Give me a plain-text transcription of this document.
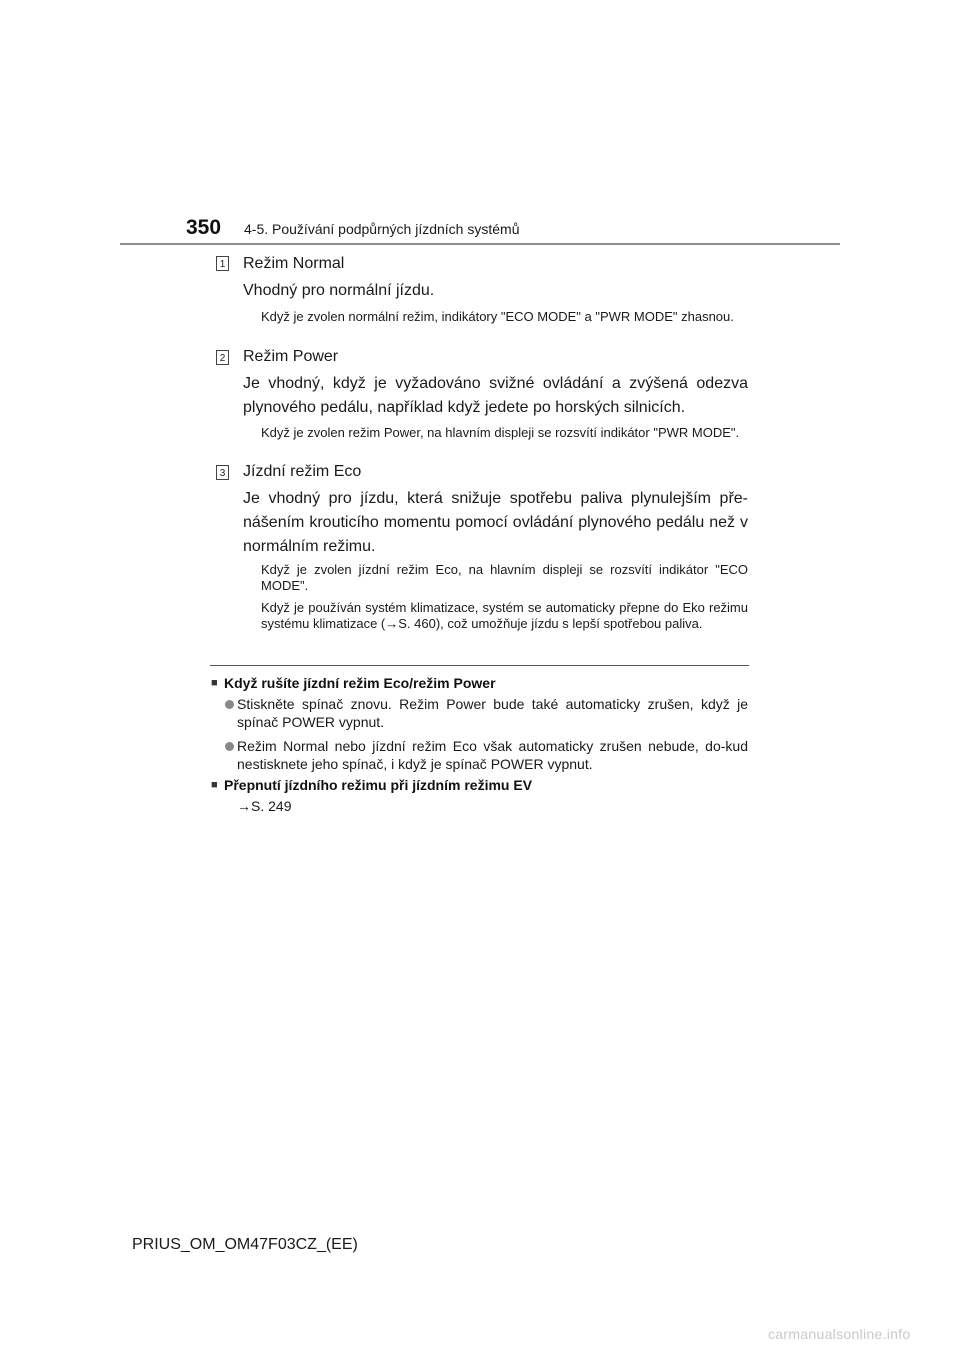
350 4-5. Používání podpůrných jízdních systémů
1 Režim Normal
Vhodný pro normální jízdu.
Když je zvolen normální režim, indikátory "ECO MODE" a "PWR MODE" zhasnou.
2 Režim Power
Je vhodný, když je vyžadováno svižné ovládání a zvýšená odezva plynového pedálu, například když jedete po horských silnicích.
Když je zvolen režim Power, na hlavním displeji se rozsvítí indikátor "PWR MODE".
3 Jízdní režim Eco
Je vhodný pro jízdu, která snižuje spotřebu paliva plynulejším pře-nášením krouticího momentu pomocí ovládání plynového pedálu než v normálním režimu.
Když je zvolen jízdní režim Eco, na hlavním displeji se rozsvítí indikátor "ECO MODE".
Když je používán systém klimatizace, systém se automaticky přepne do Eko režimu systému klimatizace (→S. 460), což umožňuje jízdu s lepší spotřebou paliva.
■ Když rušíte jízdní režim Eco/režim Power
Stiskněte spínač znovu. Režim Power bude také automaticky zrušen, když je spínač POWER vypnut.
Režim Normal nebo jízdní režim Eco však automaticky zrušen nebude, do-kud nestisknete jeho spínač, i když je spínač POWER vypnut.
■ Přepnutí jízdního režimu při jízdním režimu EV
→S. 249
PRIUS_OM_OM47F03CZ_(EE)
carmanualsonline.info
